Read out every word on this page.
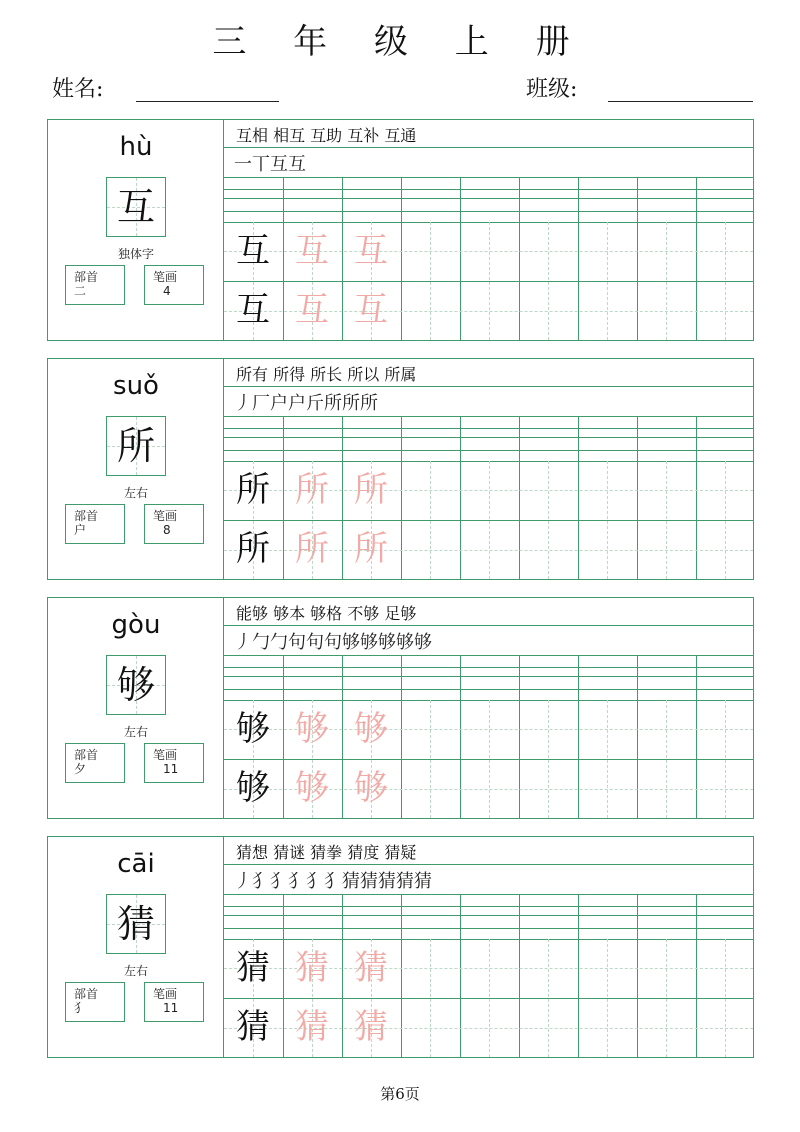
三 年 级 上 册
姓名:	班级:
hù
互
独体字
部首
二
笔画
4
互相 相互 互助 互补 互通
一丅互互
互 互 互
互 互 互
suǒ
所
左右
部首
户
笔画
8
所有 所得 所长 所以 所属
丿厂户户斤所所所
所 所 所
所 所 所
gòu
够
左右
部首
夕
笔画
11
能够 够本 够格 不够 足够
丿勹勹句句句够够够够够
够 够 够
够 够 够
cāi
猜
左右
部首
犭
笔画
11
猜想 猜谜 猜拳 猜度 猜疑
丿犭犭犭犭犭猜猜猜猜猜
猜 猜 猜
猜 猜 猜
第6页
